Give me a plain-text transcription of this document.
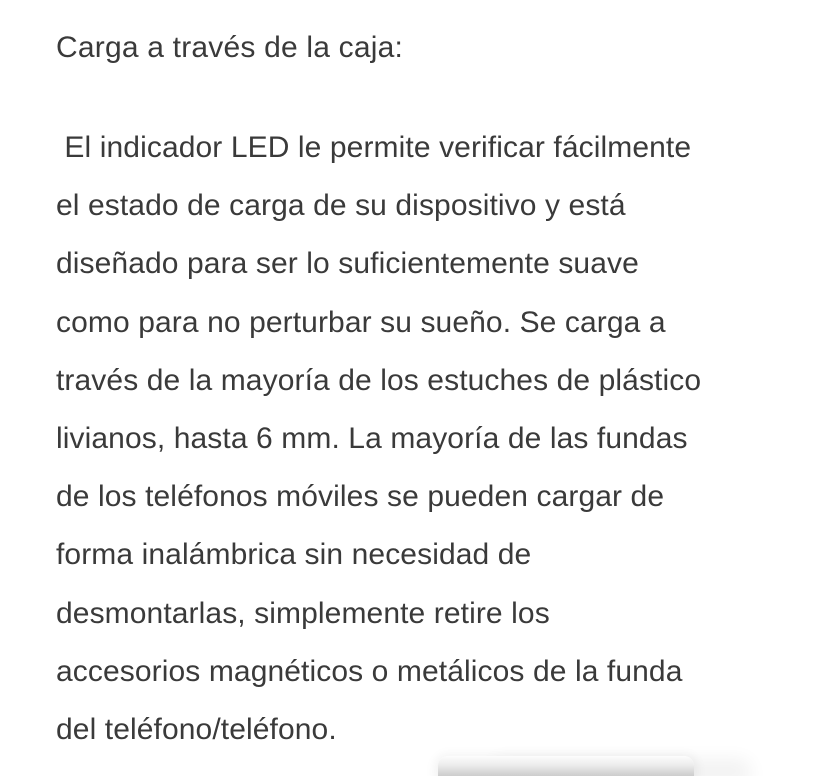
Carga a través de la caja:
El indicador LED le permite verificar fácilmente
el estado de carga de su dispositivo y está
diseñado para ser lo suficientemente suave
como para no perturbar su sueño. Se carga a
través de la mayoría de los estuches de plástico
livianos, hasta 6 mm. La mayoría de las fundas
de los teléfonos móviles se pueden cargar de
forma inalámbrica sin necesidad de
desmontarlas, simplemente retire los
accesorios magnéticos o metálicos de la funda
del teléfono/teléfono.
